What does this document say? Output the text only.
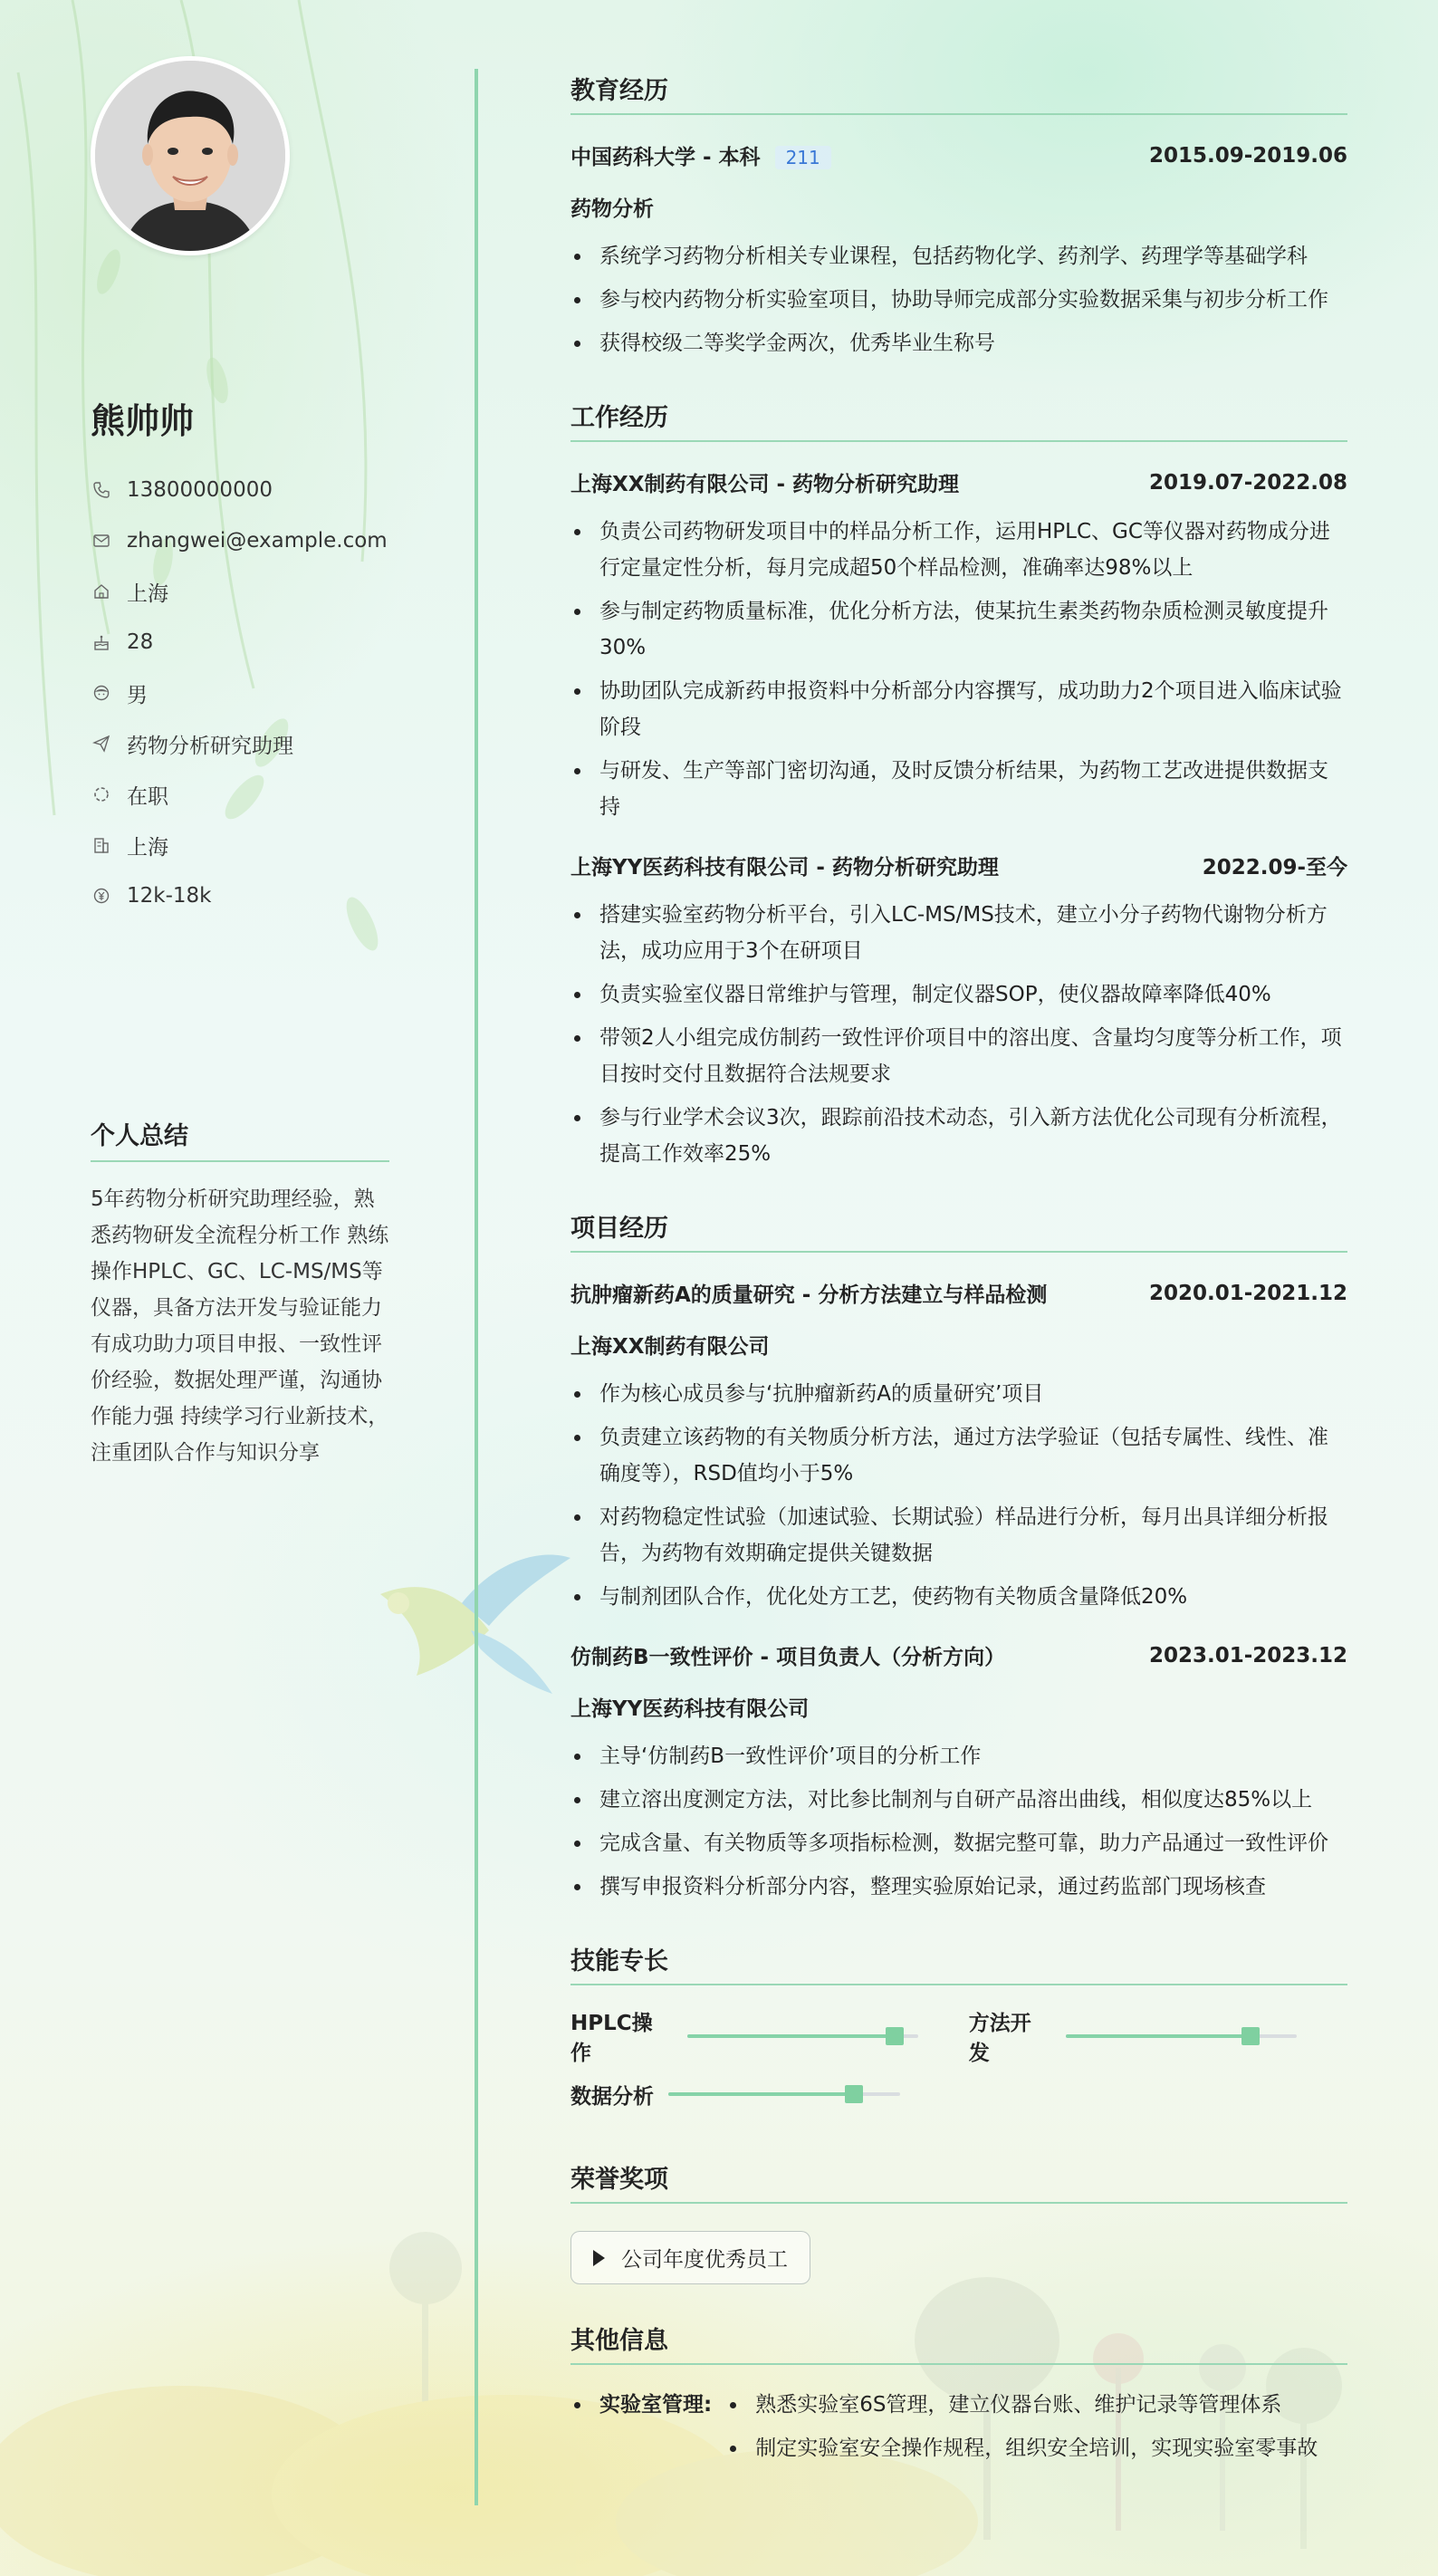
熊帅帅
13800000000
zhangwei@example.com
上海
28
男
药物分析研究助理
在职
上海
12k-18k
个人总结
5年药物分析研究助理经验，熟悉药物研发全流程分析工作 熟练操作HPLC、GC、LC-MS/MS等仪器，具备方法开发与验证能力 有成功助力项目申报、一致性评价经验，数据处理严谨，沟通协作能力强 持续学习行业新技术，注重团队合作与知识分享
教育经历
中国药科大学 - 本科 211	2015.09-2019.06
药物分析
系统学习药物分析相关专业课程，包括药物化学、药剂学、药理学等基础学科
参与校内药物分析实验室项目，协助导师完成部分实验数据采集与初步分析工作
获得校级二等奖学金两次，优秀毕业生称号
工作经历
上海XX制药有限公司 - 药物分析研究助理	2019.07-2022.08
负责公司药物研发项目中的样品分析工作，运用HPLC、GC等仪器对药物成分进行定量定性分析，每月完成超50个样品检测，准确率达98%以上
参与制定药物质量标准，优化分析方法，使某抗生素类药物杂质检测灵敏度提升30%
协助团队完成新药申报资料中分析部分内容撰写，成功助力2个项目进入临床试验阶段
与研发、生产等部门密切沟通，及时反馈分析结果，为药物工艺改进提供数据支持
上海YY医药科技有限公司 - 药物分析研究助理	2022.09-至今
搭建实验室药物分析平台，引入LC-MS/MS技术，建立小分子药物代谢物分析方法，成功应用于3个在研项目
负责实验室仪器日常维护与管理，制定仪器SOP，使仪器故障率降低40%
带领2人小组完成仿制药一致性评价项目中的溶出度、含量均匀度等分析工作，项目按时交付且数据符合法规要求
参与行业学术会议3次，跟踪前沿技术动态，引入新方法优化公司现有分析流程，提高工作效率25%
项目经历
抗肿瘤新药A的质量研究 - 分析方法建立与样品检测	2020.01-2021.12
上海XX制药有限公司
作为核心成员参与‘抗肿瘤新药A的质量研究’项目
负责建立该药物的有关物质分析方法，通过方法学验证（包括专属性、线性、准确度等），RSD值均小于5%
对药物稳定性试验（加速试验、长期试验）样品进行分析，每月出具详细分析报告，为药物有效期确定提供关键数据
与制剂团队合作，优化处方工艺，使药物有关物质含量降低20%
仿制药B一致性评价 - 项目负责人（分析方向）	2023.01-2023.12
上海YY医药科技有限公司
主导‘仿制药B一致性评价’项目的分析工作
建立溶出度测定方法，对比参比制剂与自研产品溶出曲线，相似度达85%以上
完成含量、有关物质等多项指标检测，数据完整可靠，助力产品通过一致性评价
撰写申报资料分析部分内容，整理实验原始记录，通过药监部门现场核查
技能专长
HPLC操作
方法开发
数据分析
荣誉奖项
公司年度优秀员工
其他信息
实验室管理:	熟悉实验室6S管理，建立仪器台账、维护记录等管理体系
制定实验室安全操作规程，组织安全培训，实现实验室零事故
